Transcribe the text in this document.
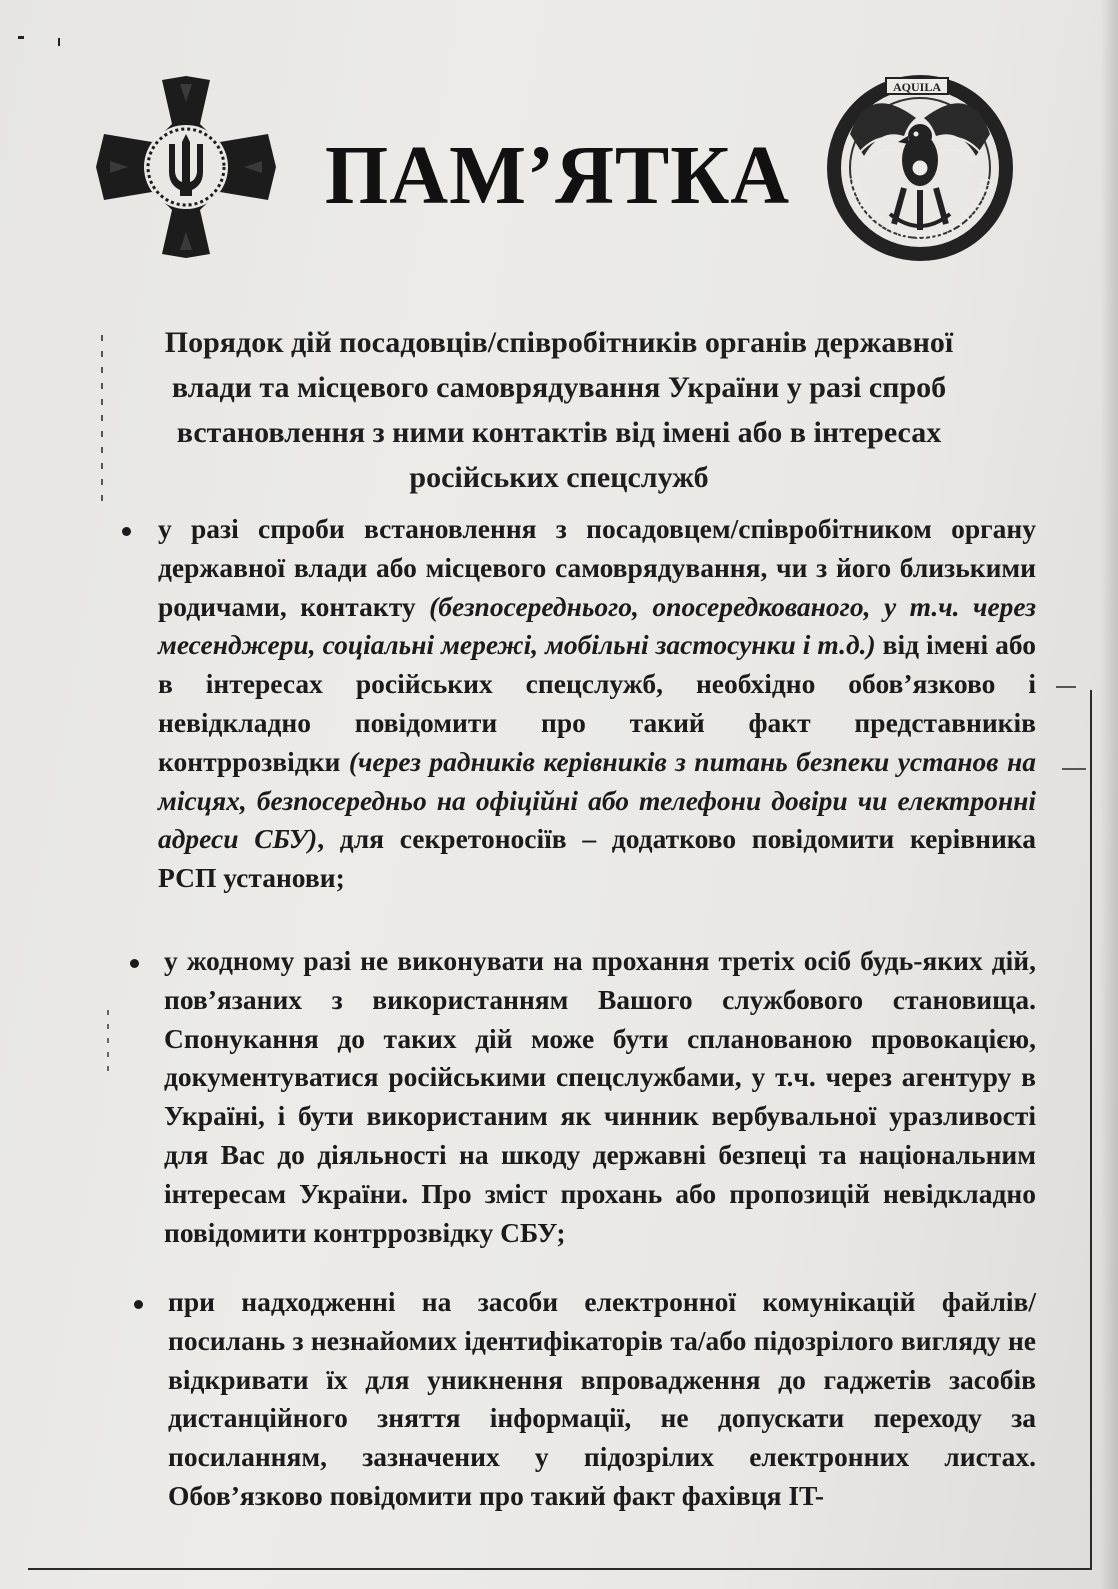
ПАМ’ЯТКА
AQUILA
NUMQUAM OBLIVISCAS
Порядок дій посадовців/співробітників органів державної
влади та місцевого самоврядування України у разі спроб
встановлення з ними контактів від імені або в інтересах
російських спецслужб
у разі спроби встановлення з посадовцем/співробітником органу державної влади або місцевого самоврядування, чи з його близькими родичами, контакту (безпосереднього, опосередкованого, у т.ч. через месенджери, соціальні мережі, мобільні застосунки і т.д.) від імені або в інтересах російських спецслужб, необхідно обов’язково і невідкладно повідомити про такий факт представників контррозвідки (через радників керівників з питань безпеки установ на місцях, безпосередньо на офіційні або телефони довіри чи електронні адреси СБУ), для секретоносіїв – додатково повідомити керівника РСП установи;
у жодному разі не виконувати на прохання третіх осіб будь-яких дій, пов’язаних з використанням Вашого службового становища. Спонукання до таких дій може бути спланованою провокацією, документуватися російськими спецслужбами, у т.ч. через агентуру в Україні, і бути використаним як чинник вербувальної уразливості для Вас до діяльності на шкоду державні безпеці та національним інтересам України. Про зміст прохань або пропозицій невідкладно повідомити контррозвідку СБУ;
при надходженні на засоби електронної комунікацій файлів/посилань з незнайомих ідентифікаторів та/або підозрілого вигляду не відкривати їх для уникнення впровадження до гаджетів засобів дистанційного зняття інформації, не допускати переходу за посиланням, зазначених у підозрілих електронних листах. Обов’язково повідомити про такий факт фахівця IT-
